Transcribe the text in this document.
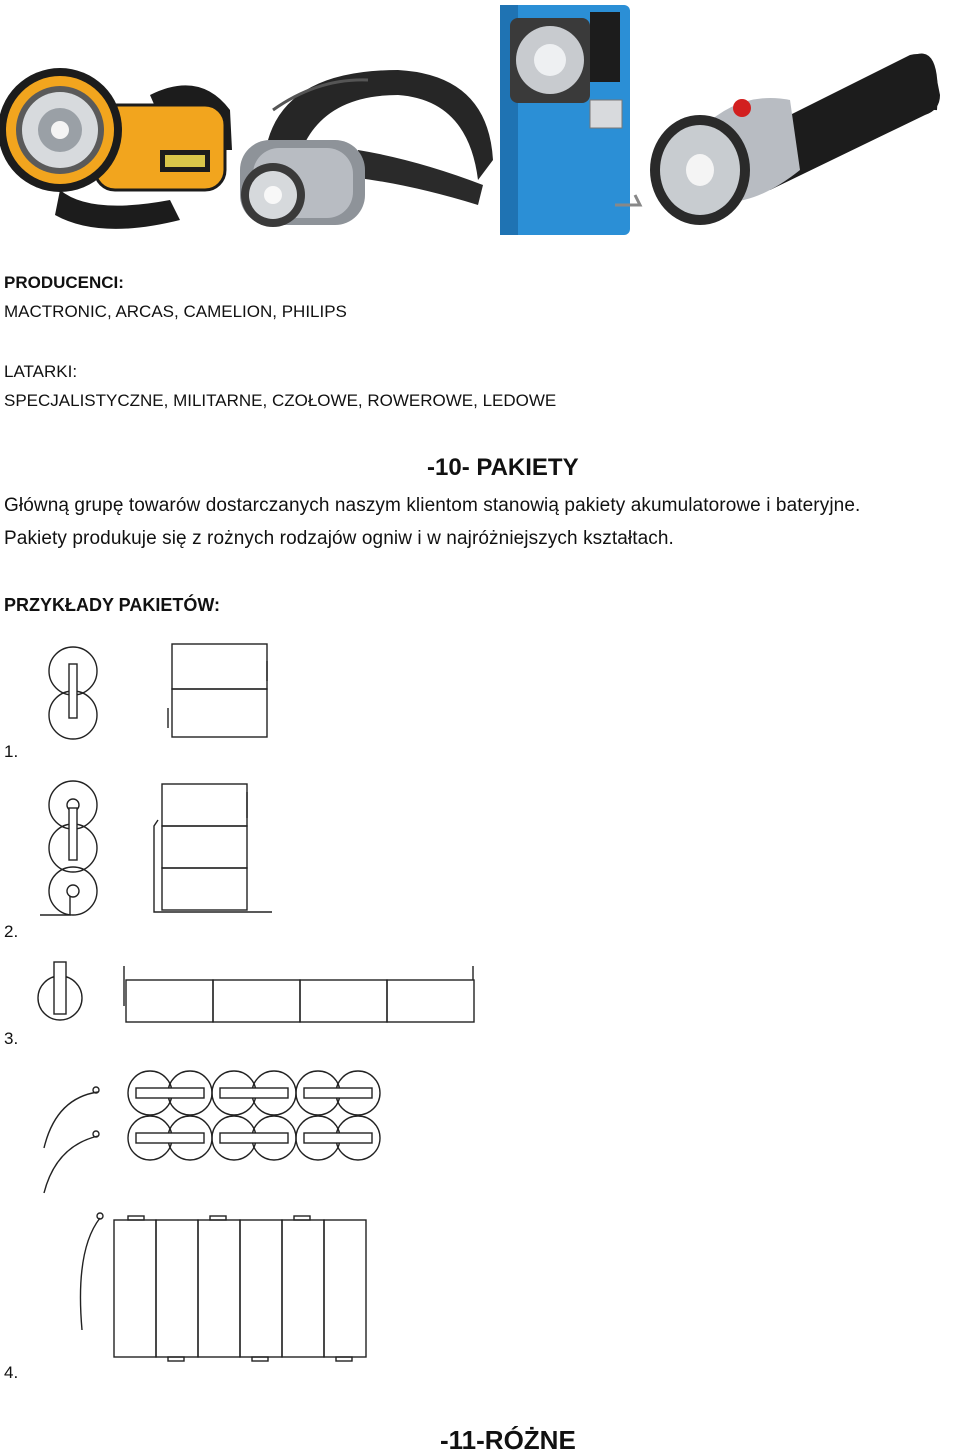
PRODUCENCI:
MACTRONIC, ARCAS, CAMELION, PHILIPS
LATARKI:
SPECJALISTYCZNE, MILITARNE, CZOŁOWE, ROWEROWE, LEDOWE
-10- PAKIETY
Główną grupę towarów dostarczanych naszym klientom stanowią pakiety akumulatorowe i bateryjne.
Pakiety produkuje się z rożnych rodzajów ogniw i w najróżniejszych kształtach.
PRZYKŁADY PAKIETÓW:
1.
2.
3.
4.
-11-RÓŻNE
